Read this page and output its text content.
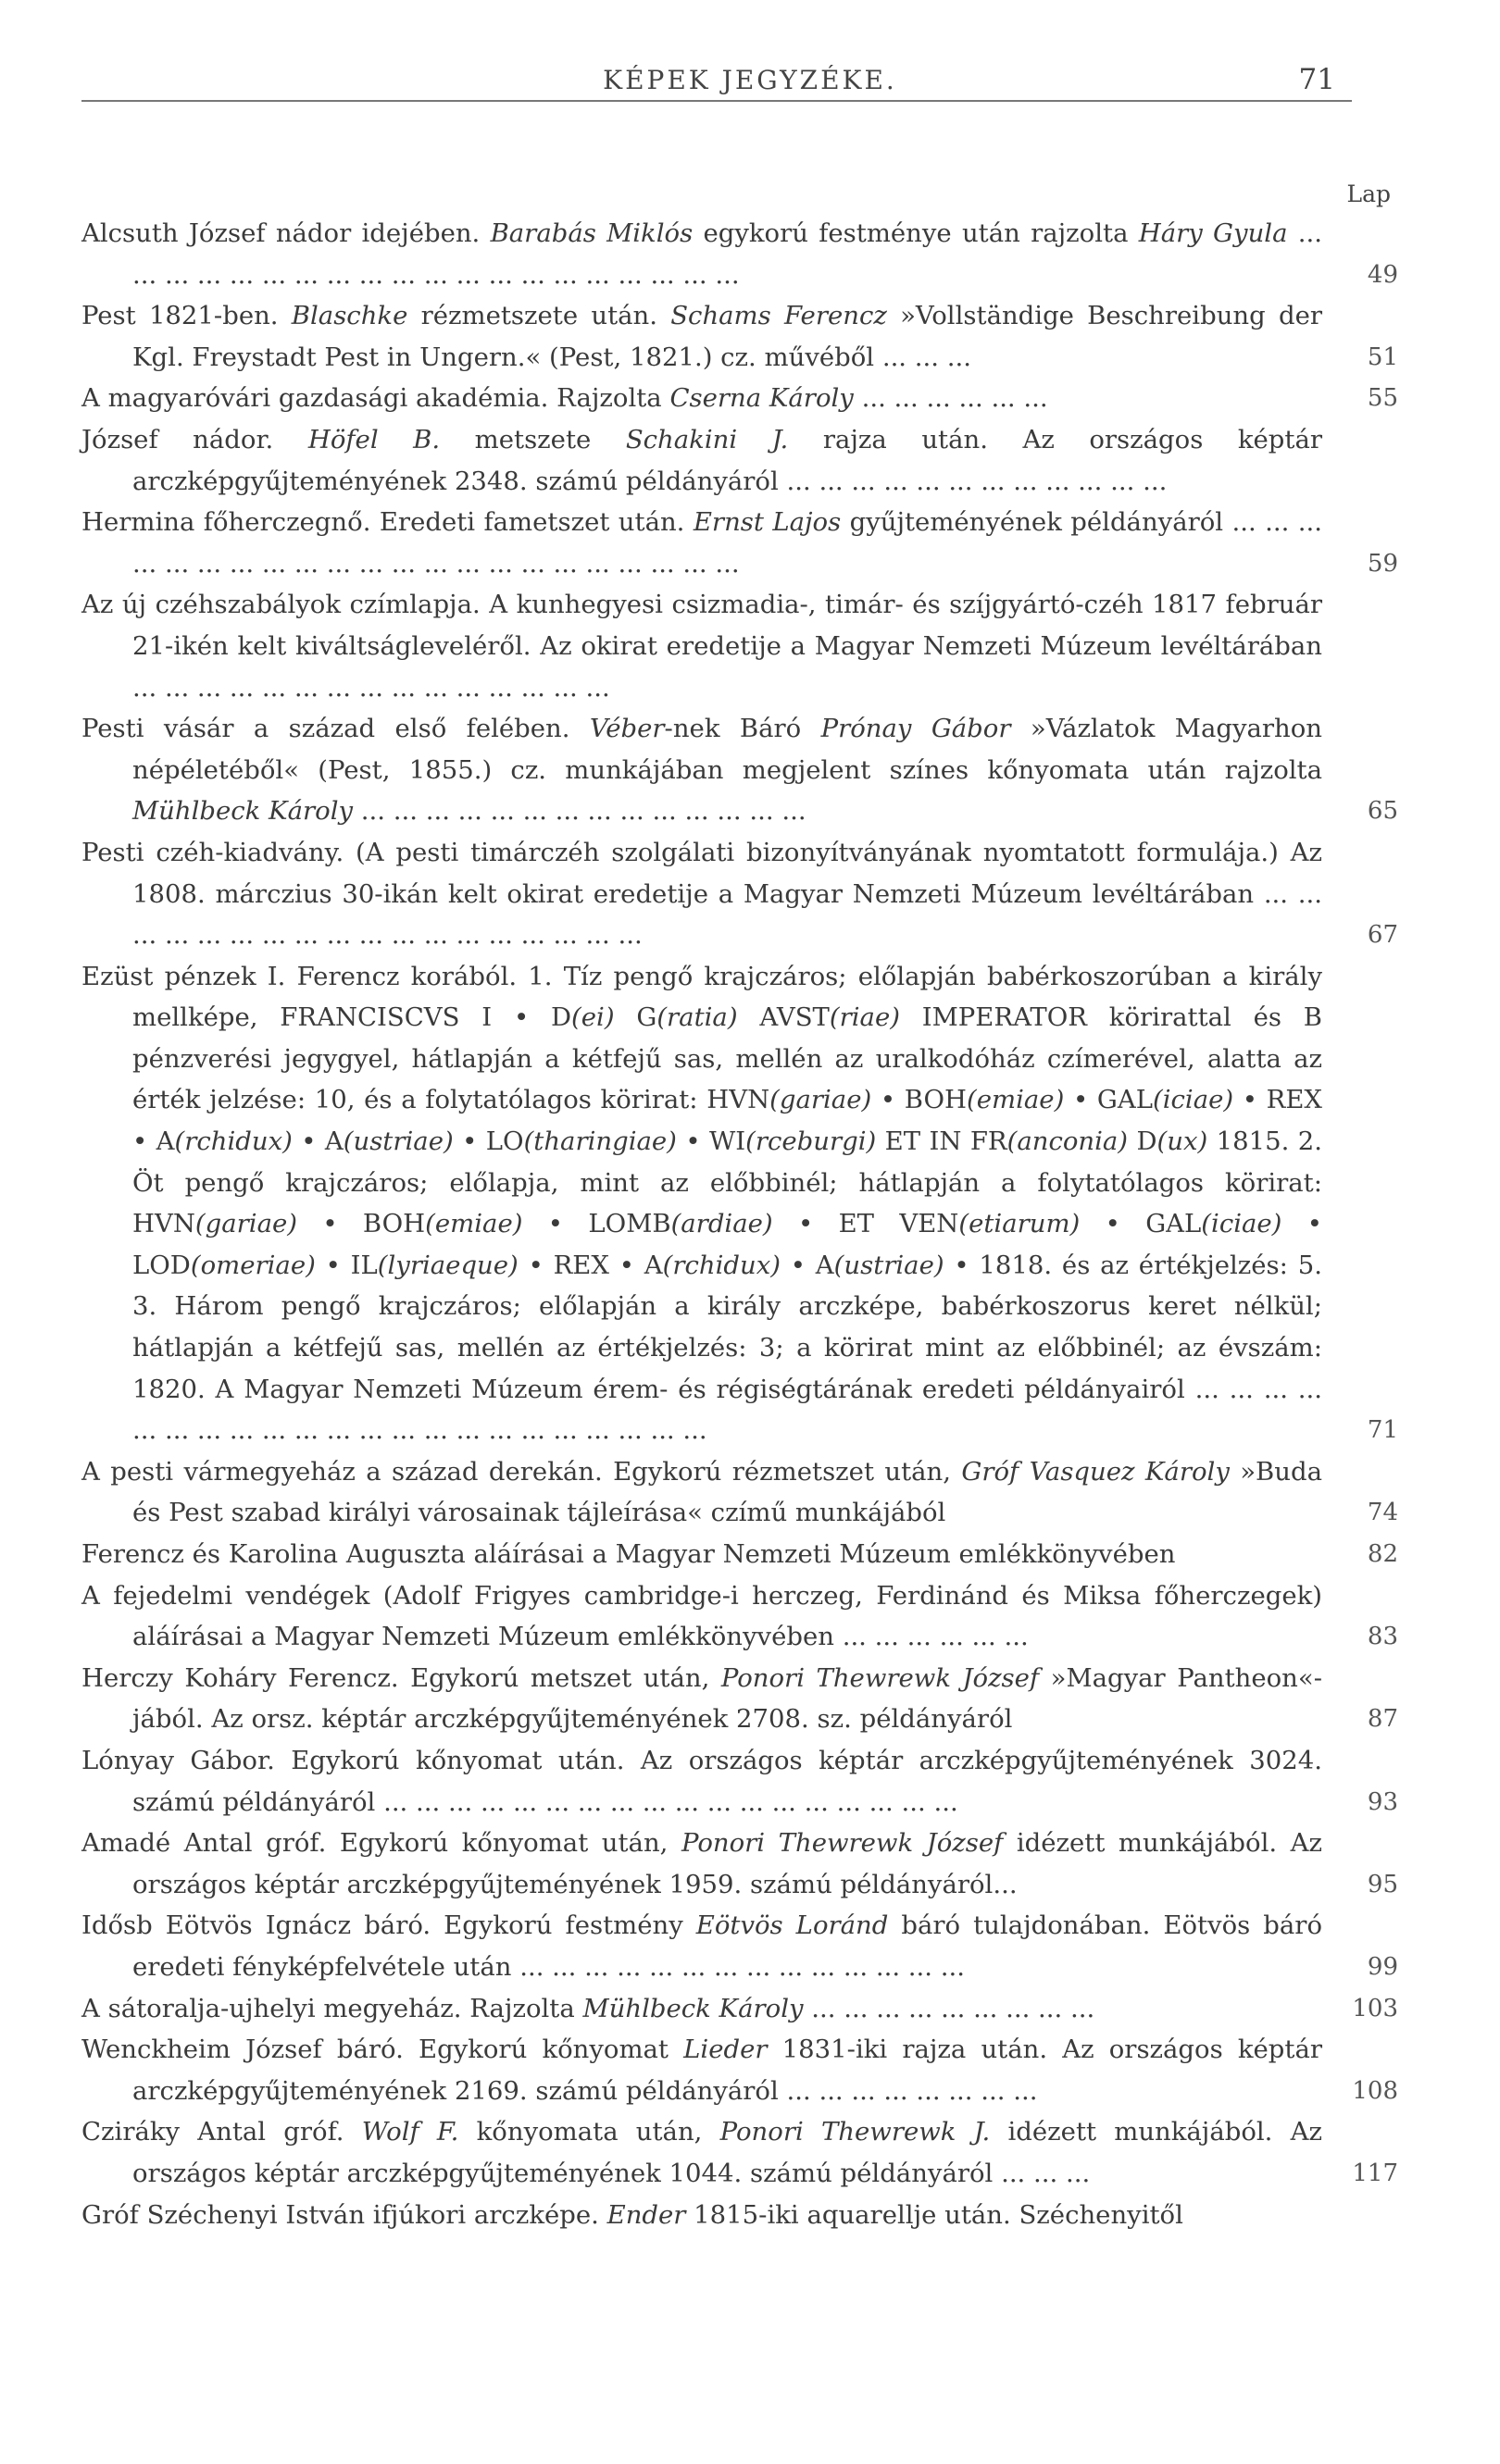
KÉPEK JEGYZÉKE.	71
Lap
Alcsuth József nádor idejében. Barabás Miklós egykorú festménye után rajzolta Háry Gyula ... ... ... ... ... ... ... ... ... ... ... ... ... ... ... ... ... ... ... ...	49
Pest 1821-ben. Blaschke rézmetszete után. Schams Ferencz »Vollständige Beschreibung der Kgl. Freystadt Pest in Ungern.« (Pest, 1821.) cz. művéből ... ... ...	51
A magyaróvári gazdasági akadémia. Rajzolta Cserna Károly ... ... ... ... ... ...	55
József nádor. Höfel B. metszete Schakini J. rajza után. Az országos képtár arczképgyűjteményének 2348. számú példányáról ... ... ... ... ... ... ... ... ... ... ... ...
Hermina főherczegnő. Eredeti fametszet után. Ernst Lajos gyűjteményének példányáról ... ... ... ... ... ... ... ... ... ... ... ... ... ... ... ... ... ... ... ... ... ...	59
Az új czéhszabályok czímlapja. A kunhegyesi csizmadia-, timár- és szíjgyártó-czéh 1817 február 21-ikén kelt kiváltságleveléről. Az okirat eredetije a Magyar Nemzeti Múzeum levéltárában ... ... ... ... ... ... ... ... ... ... ... ... ... ... ...
Pesti vásár a század első felében. Véber-nek Báró Prónay Gábor »Vázlatok Magyarhon népéletéből« (Pest, 1855.) cz. munkájában megjelent színes kőnyomata után rajzolta Mühlbeck Károly ... ... ... ... ... ... ... ... ... ... ... ... ... ...	65
Pesti czéh-kiadvány. (A pesti timárczéh szolgálati bizonyítványának nyomtatott formulája.) Az 1808. márczius 30-ikán kelt okirat eredetije a Magyar Nemzeti Múzeum levéltárában ... ... ... ... ... ... ... ... ... ... ... ... ... ... ... ... ... ...	67
Ezüst pénzek I. Ferencz korából. 1. Tíz pengő krajczáros; előlapján babérkoszorúban a király mellképe, FRANCISCVS I • D(ei) G(ratia) AVST(riae) IMPERATOR körirattal és B pénzverési jegygyel, hátlapján a kétfejű sas, mellén az uralkodóház czímerével, alatta az érték jelzése: 10, és a folytatólagos körirat: HVN(gariae) • BOH(emiae) • GAL(iciae) • REX • A(rchidux) • A(ustriae) • LO(tharingiae) • WI(rceburgi) ET IN FR(anconia) D(ux) 1815. 2. Öt pengő krajczáros; előlapja, mint az előbbinél; hátlapján a folytatólagos körirat: HVN(gariae) • BOH(emiae) • LOMB(ardiae) • ET VEN(etiarum) • GAL(iciae) • LOD(omeriae) • IL(lyriaeque) • REX • A(rchidux) • A(ustriae) • 1818. és az értékjelzés: 5. 3. Három pengő krajczáros; előlapján a király arczképe, babérkoszorus keret nélkül; hátlapján a kétfejű sas, mellén az értékjelzés: 3; a körirat mint az előbbinél; az évszám: 1820. A Magyar Nemzeti Múzeum érem- és régiségtárának eredeti példányairól ... ... ... ... ... ... ... ... ... ... ... ... ... ... ... ... ... ... ... ... ... ...	71
A pesti vármegyeház a század derekán. Egykorú rézmetszet után, Gróf Vasquez Károly »Buda és Pest szabad királyi városainak tájleírása« czímű munkájából	74
Ferencz és Karolina Auguszta aláírásai a Magyar Nemzeti Múzeum emlékkönyvében	82
A fejedelmi vendégek (Adolf Frigyes cambridge-i herczeg, Ferdinánd és Miksa főherczegek) aláírásai a Magyar Nemzeti Múzeum emlékkönyvében ... ... ... ... ... ...	83
Herczy Koháry Ferencz. Egykorú metszet után, Ponori Thewrewk József »Magyar Pantheon«-jából. Az orsz. képtár arczképgyűjteményének 2708. sz. példányáról	87
Lónyay Gábor. Egykorú kőnyomat után. Az országos képtár arczképgyűjteményének 3024. számú példányáról ... ... ... ... ... ... ... ... ... ... ... ... ... ... ... ... ... ...	93
Amadé Antal gróf. Egykorú kőnyomat után, Ponori Thewrewk József idézett munkájából. Az országos képtár arczképgyűjteményének 1959. számú példányáról...	95
Idősb Eötvös Ignácz báró. Egykorú festmény Eötvös Loránd báró tulajdonában. Eötvös báró eredeti fényképfelvétele után ... ... ... ... ... ... ... ... ... ... ... ... ... ...	99
A sátoralja-ujhelyi megyeház. Rajzolta Mühlbeck Károly ... ... ... ... ... ... ... ... ...	103
Wenckheim József báró. Egykorú kőnyomat Lieder 1831-iki rajza után. Az országos képtár arczképgyűjteményének 2169. számú példányáról ... ... ... ... ... ... ... ...	108
Cziráky Antal gróf. Wolf F. kőnyomata után, Ponori Thewrewk J. idézett munkájából. Az országos képtár arczképgyűjteményének 1044. számú példányáról ... ... ...	117
Gróf Széchenyi István ifjúkori arczképe. Ender 1815-iki aquarellje után. Széchenyitől
